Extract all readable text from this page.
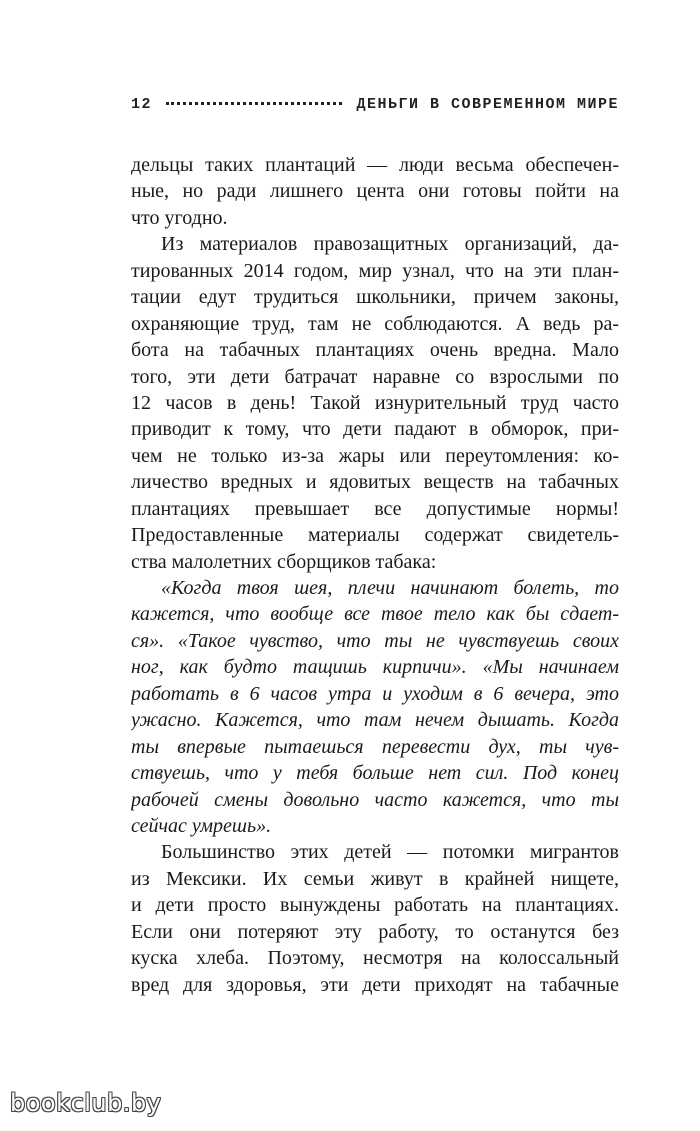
12	ДЕНЬГИ В СОВРЕМЕННОМ МИРЕ
дельцы таких плантаций — люди весьма обеспечен-
ные, но ради лишнего цента они готовы пойти на
что угодно.
Из материалов правозащитных организаций, да-
тированных 2014 годом, мир узнал, что на эти план-
тации едут трудиться школьники, причем законы,
охраняющие труд, там не соблюдаются. А ведь ра-
бота на табачных плантациях очень вредна. Мало
того, эти дети батрачат наравне со взрослыми по
12 часов в день! Такой изнурительный труд часто
приводит к тому, что дети падают в обморок, при-
чем не только из-за жары или переутомления: ко-
личество вредных и ядовитых веществ на табачных
плантациях превышает все допустимые нормы!
Предоставленные материалы содержат свидетель-
ства малолетних сборщиков табака:
«Когда твоя шея, плечи начинают болеть, то
кажется, что вообще все твое тело как бы сдает-
ся». «Такое чувство, что ты не чувствуешь своих
ног, как будто тащишь кирпичи». «Мы начинаем
работать в 6 часов утра и уходим в 6 вечера, это
ужасно. Кажется, что там нечем дышать. Когда
ты впервые пытаешься перевести дух, ты чув-
ствуешь, что у тебя больше нет сил. Под конец
рабочей смены довольно часто кажется, что ты
сейчас умрешь».
Большинство этих детей — потомки мигрантов
из Мексики. Их семьи живут в крайней нищете,
и дети просто вынуждены работать на плантациях.
Если они потеряют эту работу, то останутся без
куска хлеба. Поэтому, несмотря на колоссальный
вред для здоровья, эти дети приходят на табачные
bookclub.by
